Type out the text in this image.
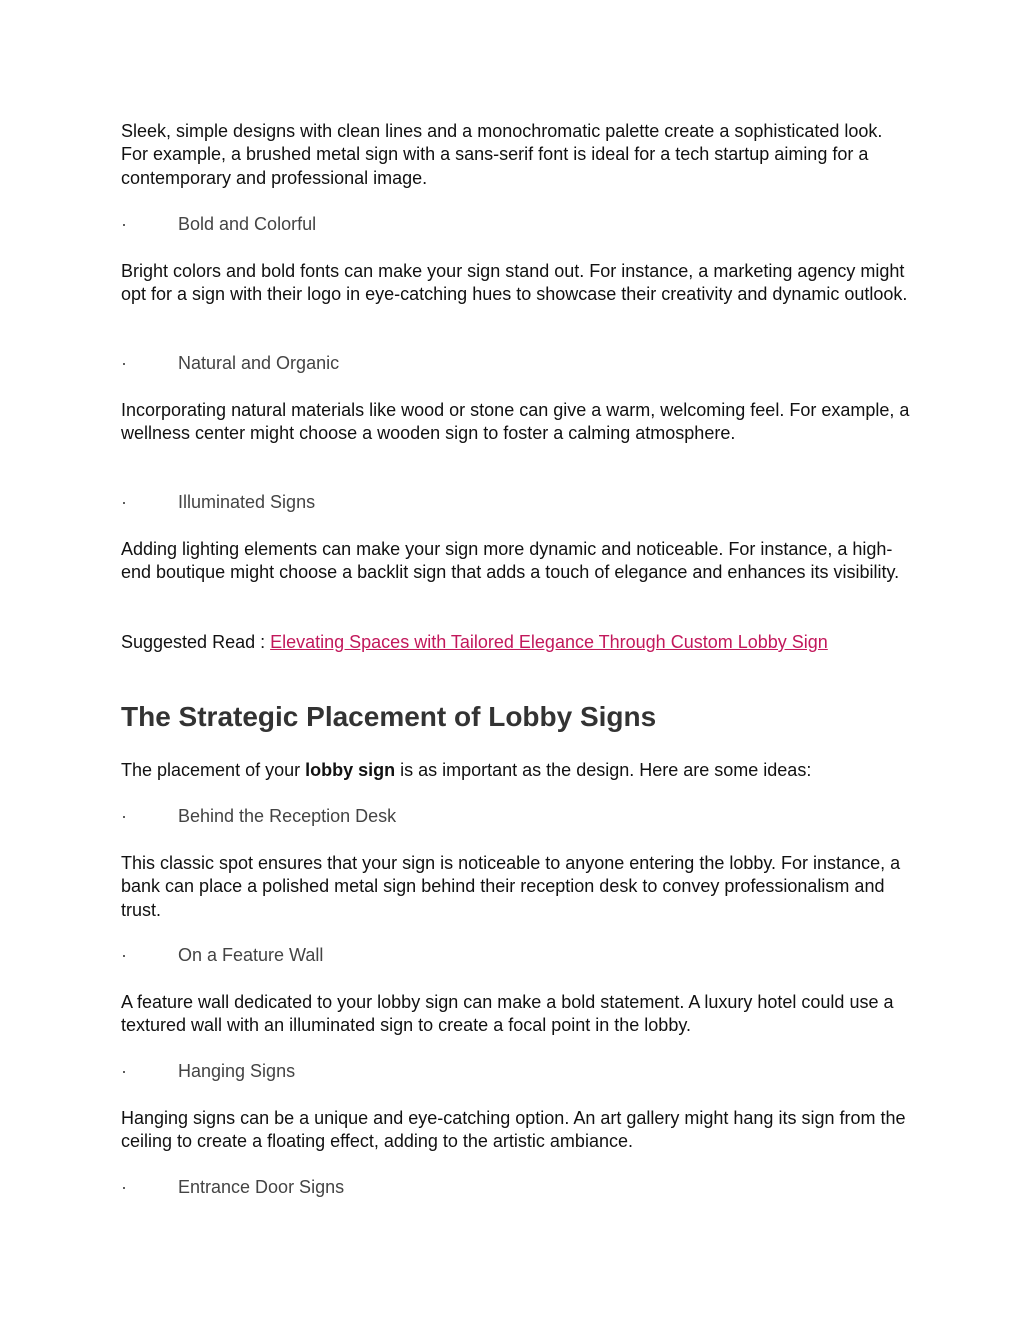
Sleek, simple designs with clean lines and a monochromatic palette create a sophisticated look. For example, a brushed metal sign with a sans-serif font is ideal for a tech startup aiming for a contemporary and professional image.

·	Bold and Colorful

Bright colors and bold fonts can make your sign stand out. For instance, a marketing agency might opt for a sign with their logo in eye-catching hues to showcase their creativity and dynamic outlook.

·	Natural and Organic

Incorporating natural materials like wood or stone can give a warm, welcoming feel. For example, a wellness center might choose a wooden sign to foster a calming atmosphere.

·	Illuminated Signs

Adding lighting elements can make your sign more dynamic and noticeable. For instance, a high-end boutique might choose a backlit sign that adds a touch of elegance and enhances its visibility.

Suggested Read : Elevating Spaces with Tailored Elegance Through Custom Lobby Sign

The Strategic Placement of Lobby Signs

The placement of your lobby sign is as important as the design. Here are some ideas:

·	Behind the Reception Desk

This classic spot ensures that your sign is noticeable to anyone entering the lobby. For instance, a bank can place a polished metal sign behind their reception desk to convey professionalism and trust.

·	On a Feature Wall

A feature wall dedicated to your lobby sign can make a bold statement. A luxury hotel could use a textured wall with an illuminated sign to create a focal point in the lobby.

·	Hanging Signs

Hanging signs can be a unique and eye-catching option. An art gallery might hang its sign from the ceiling to create a floating effect, adding to the artistic ambiance.

·	Entrance Door Signs
